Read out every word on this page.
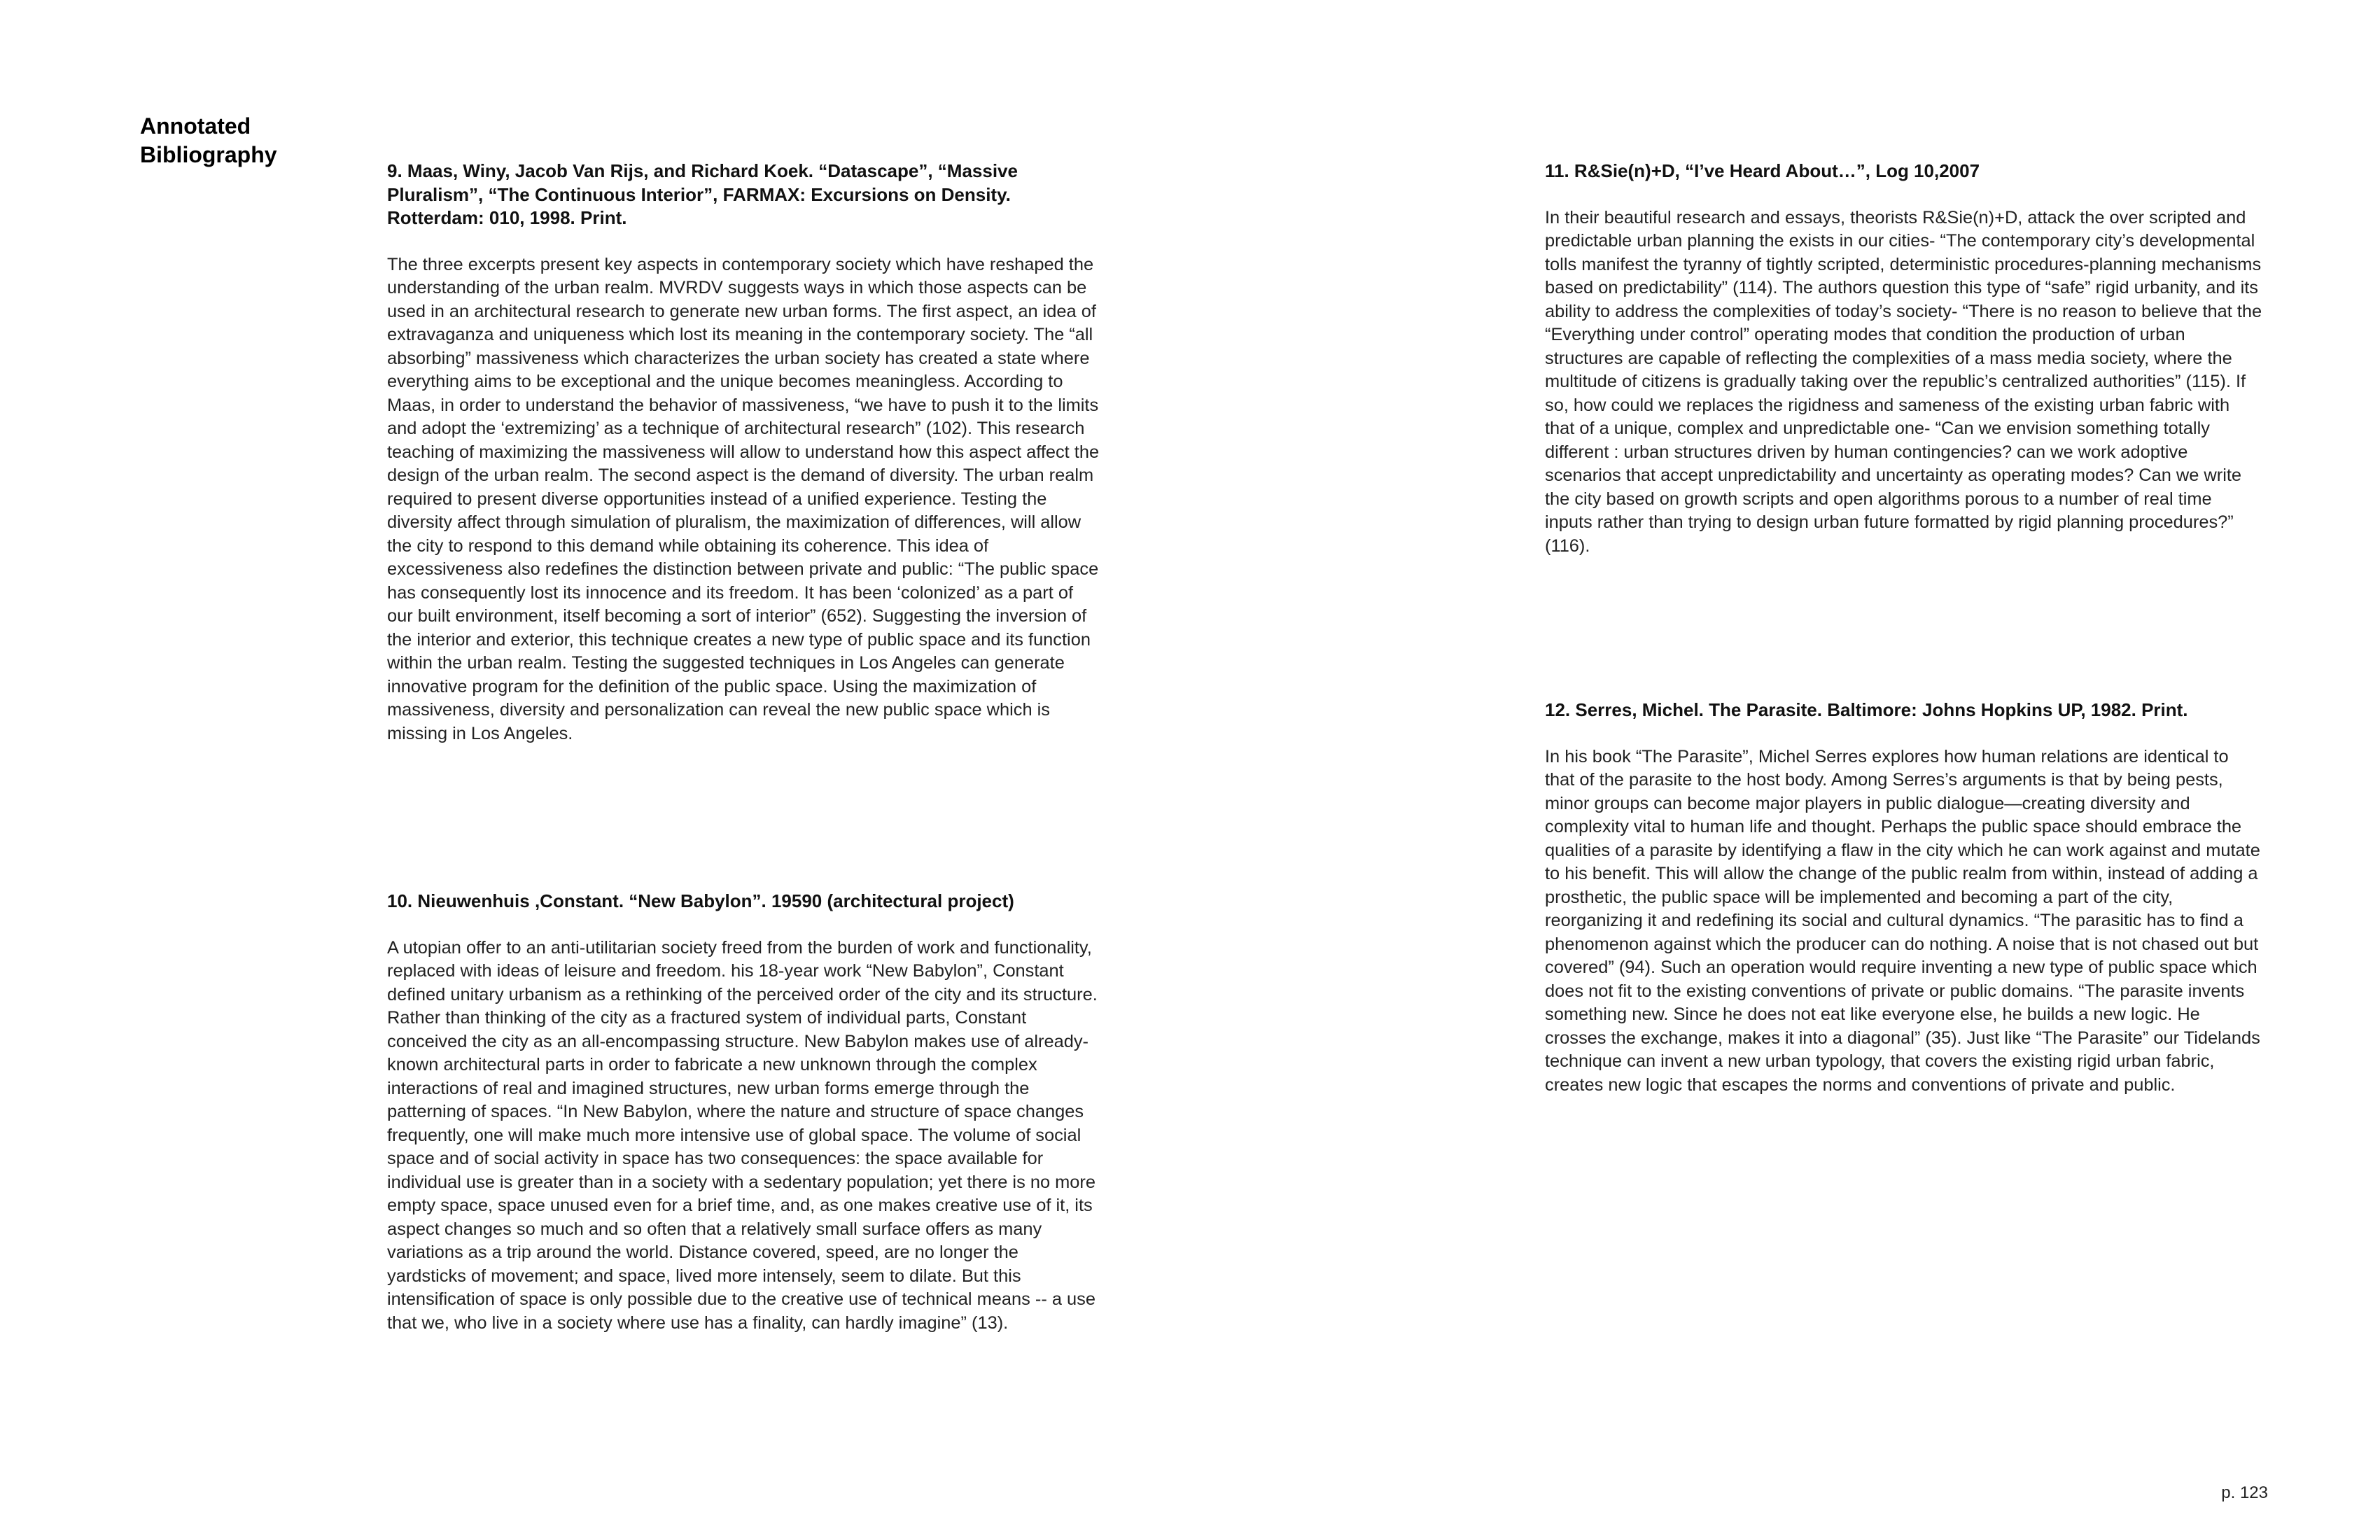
Annotated
Bibliography

9. Maas, Winy, Jacob Van Rijs, and Richard Koek. “Datascape”, “Massive Pluralism”, “The Continuous Interior”, FARMAX: Excursions on Density. Rotterdam: 010, 1998. Print.

The three excerpts present key aspects in contemporary society which have reshaped the understanding of the urban realm. MVRDV suggests ways in which those aspects can be used in an architectural research to generate new urban forms. The first aspect, an idea of extravaganza and uniqueness which lost its meaning in the contemporary society. The “all absorbing” massiveness which characterizes the urban society has created a state where everything aims to be exceptional and the unique becomes meaningless. According to Maas, in order to understand the behavior of massiveness, “we have to push it to the limits and adopt the ‘extremizing’ as a technique of architectural research” (102). This research teaching of maximizing the massiveness will allow to understand how this aspect affect the design of the urban realm. The second aspect is the demand of diversity. The urban realm required to present diverse opportunities instead of a unified experience. Testing the diversity affect through simulation of pluralism, the maximization of differences, will allow the city to respond to this demand while obtaining its coherence. This idea of excessiveness also redefines the distinction between private and public: “The public space has consequently lost its innocence and its freedom. It has been ‘colonized’ as a part of our built environment, itself becoming a sort of interior” (652). Suggesting the inversion of the interior and exterior, this technique creates a new type of public space and its function within the urban realm. Testing the suggested techniques in Los Angeles can generate innovative program for the definition of the public space. Using the maximization of massiveness, diversity and personalization can reveal the new public space which is missing in Los Angeles.

10. Nieuwenhuis ,Constant. “New Babylon”. 19590 (architectural project)

A utopian offer to an anti-utilitarian society freed from the burden of work and functionality, replaced with ideas of leisure and freedom. his 18-year work “New Babylon”, Constant defined unitary urbanism as a rethinking of the perceived order of the city and its structure. Rather than thinking of the city as a fractured system of individual parts, Constant conceived the city as an all-encompassing structure. New Babylon makes use of already-known architectural parts in order to fabricate a new unknown through the complex interactions of real and imagined structures, new urban forms emerge through the patterning of spaces. “In New Babylon, where the nature and structure of space changes frequently, one will make much more intensive use of global space. The volume of social space and of social activity in space has two consequences: the space available for individual use is greater than in a society with a sedentary population; yet there is no more empty space, space unused even for a brief time, and, as one makes creative use of it, its aspect changes so much and so often that a relatively small surface offers as many variations as a trip around the world. Distance covered, speed, are no longer the yardsticks of movement; and space, lived more intensely, seem to dilate. But this intensification of space is only possible due to the creative use of technical means -- a use that we, who live in a society where use has a finality, can hardly imagine” (13).

11. R&Sie(n)+D, “I’ve Heard About…”, Log 10,2007

In their beautiful research and essays, theorists R&Sie(n)+D, attack the over scripted and predictable urban planning the exists in our cities- “The contemporary city’s developmental tolls manifest the tyranny of tightly scripted, deterministic procedures-planning mechanisms based on predictability” (114). The authors question this type of “safe” rigid urbanity, and its ability to address the complexities of today’s society- “There is no reason to believe that the “Everything under control” operating modes that condition the production of urban structures are capable of reflecting the complexities of a mass media society, where the multitude of citizens is gradually taking over the republic’s centralized authorities” (115). If so, how could we replaces the rigidness and sameness of the existing urban fabric with that of a unique, complex and unpredictable one- “Can we envision something totally different : urban structures driven by human contingencies? can we work adoptive scenarios that accept unpredictability and uncertainty as operating modes? Can we write the city based on growth scripts and open algorithms porous to a number of real time inputs rather than trying to design urban future formatted by rigid planning procedures?” (116).

12. Serres, Michel. The Parasite. Baltimore: Johns Hopkins UP, 1982. Print.

In his book “The Parasite”, Michel Serres explores how human relations are identical to that of the parasite to the host body. Among Serres’s arguments is that by being pests, minor groups can become major players in public dialogue—creating diversity and complexity vital to human life and thought. Perhaps the public space should embrace the qualities of a parasite by identifying a flaw in the city which he can work against and mutate to his benefit. This will allow the change of the public realm from within, instead of adding a prosthetic, the public space will be implemented and becoming a part of the city, reorganizing it and redefining its social and cultural dynamics. “The parasitic has to find a phenomenon against which the producer can do nothing. A noise that is not chased out but covered” (94). Such an operation would require inventing a new type of public space which does not fit to the existing conventions of private or public domains. “The parasite invents something new. Since he does not eat like everyone else, he builds a new logic. He crosses the exchange, makes it into a diagonal” (35). Just like “The Parasite” our Tidelands technique can invent a new urban typology, that covers the existing rigid urban fabric, creates new logic that escapes the norms and conventions of private and public.

p. 123
